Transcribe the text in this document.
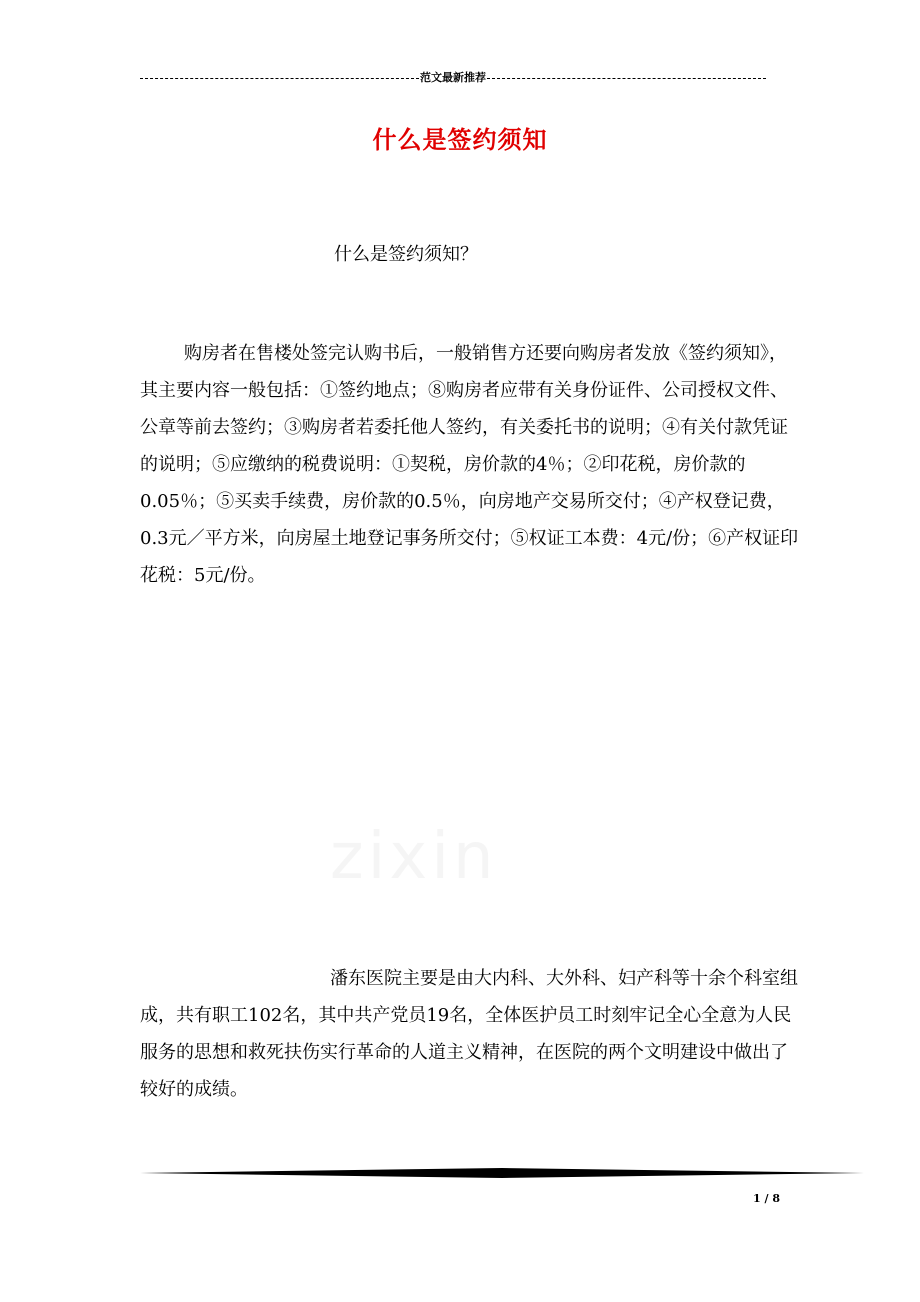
范文最新推荐
什么是签约须知
什么是签约须知？

购房者在售楼处签完认购书后，一般销售方还要向购房者发放《签约须知》，其主要内容一般包括：①签约地点；⑧购房者应带有关身份证件、公司授权文件、公章等前去签约；③购房者若委托他人签约，有关委托书的说明；④有关付款凭证的说明；⑤应缴纳的税费说明：①契税，房价款的4％；②印花税，房价款的0.05％；⑤买卖手续费，房价款的0.5％，向房地产交易所交付；④产权登记费，0.3元／平方米，向房屋土地登记事务所交付；⑤权证工本费：4元/份；⑥产权证印花税：5元/份。

zixin

潘东医院主要是由大内科、大外科、妇产科等十余个科室组成，共有职工102名，其中共产党员19名，全体医护员工时刻牢记全心全意为人民服务的思想和救死扶伤实行革命的人道主义精神，在医院的两个文明建设中做出了较好的成绩。

1 / 8
